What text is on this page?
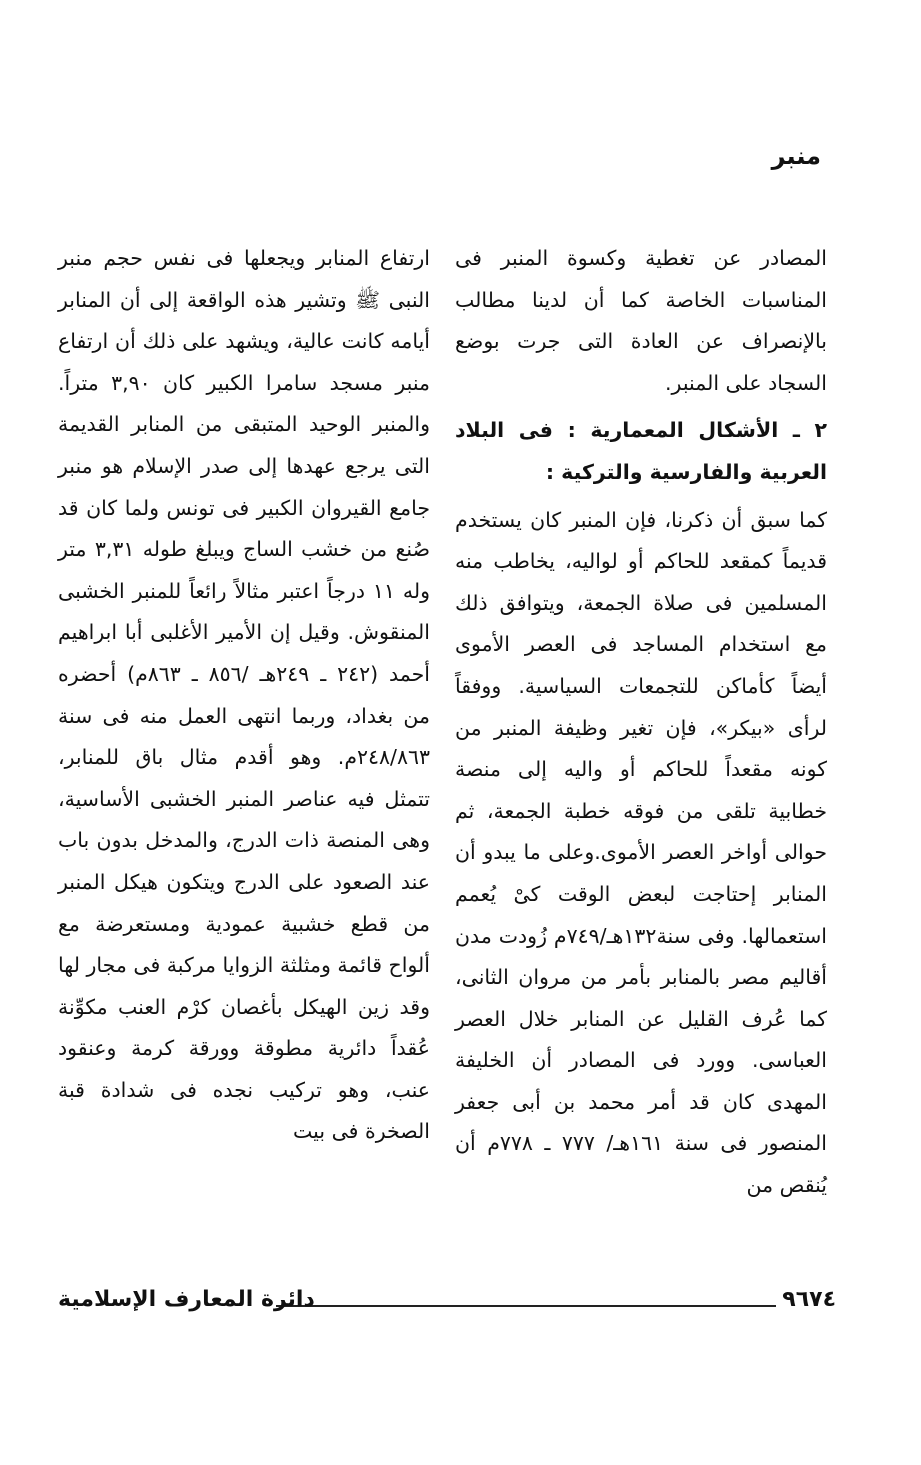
منبر

المصادر عن تغطية وكسوة المنبر فى المناسبات الخاصة كما أن لدينا مطالب بالإنصراف عن العادة التى جرت بوضع السجاد على المنبر.

٢ ـ الأشكال المعمارية : فى البلاد العربية والفارسية والتركية :

كما سبق أن ذكرنا، فإن المنبر كان يستخدم قديماً كمقعد للحاكم أو لواليه، يخاطب منه المسلمين فى صلاة الجمعة، ويتوافق ذلك مع استخدام المساجد فى العصر الأموى أيضاً كأماكن للتجمعات السياسية. ووفقاً لرأى «بيكر»، فإن تغير وظيفة المنبر من كونه مقعداً للحاكم أو واليه إلى منصة خطابية تلقى من فوقه خطبة الجمعة، ثم حوالى أواخر العصر الأموى.وعلى ما يبدو أن المنابر إحتاجت لبعض الوقت كىْ يُعمم استعمالها. وفى سنة١٣٢هـ/٧٤٩م زُودت مدن أقاليم مصر بالمنابر بأمر من مروان الثانى، كما عُرف القليل عن المنابر خلال العصر العباسى. وورد فى المصادر أن الخليفة المهدى كان قد أمر محمد بن أبى جعفر المنصور فى سنة ١٦١هـ/ ٧٧٧ ـ ٧٧٨م أن يُنقص من

ارتفاع المنابر ويجعلها فى نفس حجم منبر النبى ﷺ وتشير هذه الواقعة إلى أن المنابر أيامه كانت عالية، ويشهد على ذلك أن ارتفاع منبر مسجد سامرا الكبير كان ٣,٩٠ متراً. والمنبر الوحيد المتبقى من المنابر القديمة التى يرجع عهدها إلى صدر الإسلام هو منبر جامع القيروان الكبير فى تونس ولما كان قد صُنع من خشب الساج ويبلغ طوله ٣,٣١ متر وله ١١ درجاً اعتبر مثالاً رائعاً للمنبر الخشبى المنقوش. وقيل إن الأمير الأغلبى أبا ابراهيم أحمد (٢٤٢ ـ ٢٤٩هـ /٨٥٦ ـ ٨٦٣م) أحضره من بغداد، وربما انتهى العمل منه فى سنة ٢٤٨/٨٦٣م. وهو أقدم مثال باق للمنابر، تتمثل فيه عناصر المنبر الخشبى الأساسية، وهى المنصة ذات الدرج، والمدخل بدون باب عند الصعود على الدرج ويتكون هيكل المنبر من قطع خشبية عمودية ومستعرضة مع ألواح قائمة ومثلثة الزوايا مركبة فى مجار لها وقد زين الهيكل بأغصان كرْم العنب مكوِّنة عُقداً دائرية مطوقة وورقة كرمة وعنقود عنب، وهو تركيب نجده فى شدادة قبة الصخرة فى بيت

٩٦٧٤
دائرة المعارف الإسلامية
